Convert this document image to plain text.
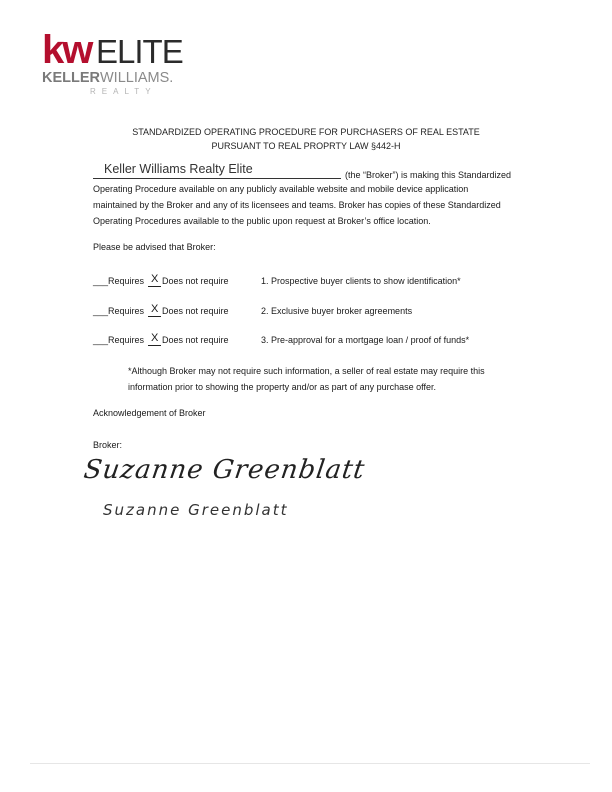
kw ELITE
KELLERWILLIAMS.
REALTY
STANDARDIZED OPERATING PROCEDURE FOR PURCHASERS OF REAL ESTATE
PURSUANT TO REAL PROPRTY LAW §442-H
Keller Williams Realty Elite	(the “Broker”) is making this Standardized
Operating Procedure available on any publicly available website and mobile device application
maintained by the Broker and any of its licensees and teams. Broker has copies of these Standardized
Operating Procedures available to the public upon request at Broker’s office location.
Please be advised that Broker:
___ Requires X Does not require	1. Prospective buyer clients to show identification*
___ Requires X Does not require	2. Exclusive buyer broker agreements
___ Requires X Does not require	3. Pre-approval for a mortgage loan / proof of funds*
*Although Broker may not require such information, a seller of real estate may require this
information prior to showing the property and/or as part of any purchase offer.
Acknowledgement of Broker
Broker:
Suzanne Greenblatt
Suzanne Greenblatt
